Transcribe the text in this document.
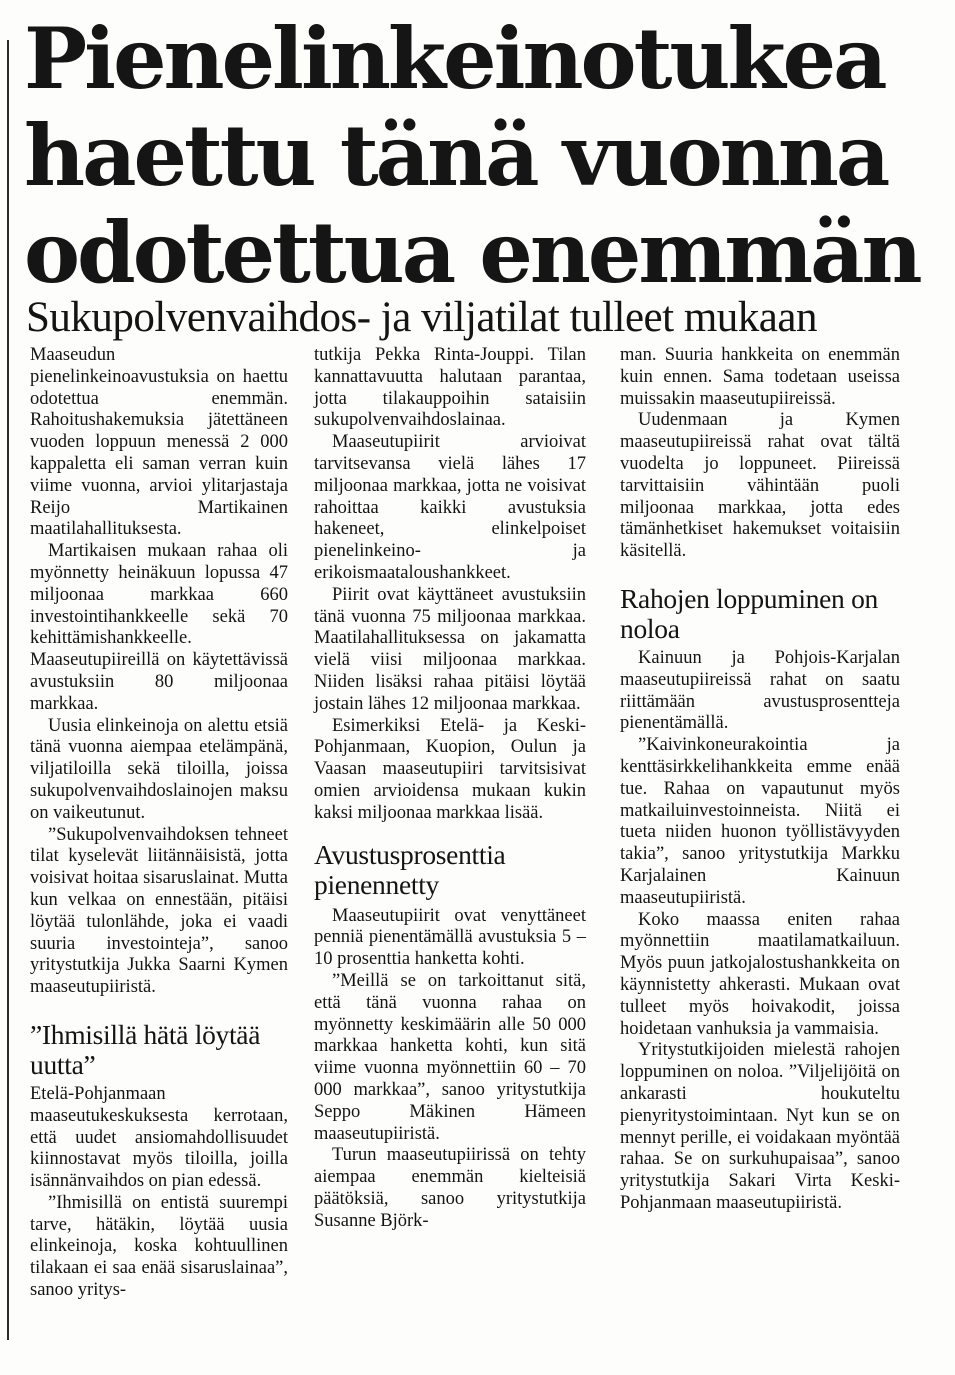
Pienelinkeinotukea
haettu tänä vuonna
odotettua enemmän
Sukupolvenvaihdos- ja viljatilat tulleet mukaan

Maaseudun pienelinkeinoavustuksia on haettu odotettua enemmän. Rahoitushakemuksia jätettäneen vuoden loppuun menessä 2 000 kappaletta eli saman verran kuin viime vuonna, arvioi ylitarjastaja Reijo Martikainen maatilahallituksesta.

Martikaisen mukaan rahaa oli myönnetty heinäkuun lopussa 47 miljoonaa markkaa 660 investointihankkeelle sekä 70 kehittämishankkeelle. Maaseutupiireillä on käytettävissä avustuksiin 80 miljoonaa markkaa.

Uusia elinkeinoja on alettu etsiä tänä vuonna aiempaa etelämpänä, viljatiloilla sekä tiloilla, joissa sukupolvenvaihdoslainojen maksu on vaikeutunut.

”Sukupolvenvaihdoksen tehneet tilat kyselevät liitännäisistä, jotta voisivat hoitaa sisaruslainat. Mutta kun velkaa on ennestään, pitäisi löytää tulonlähde, joka ei vaadi suuria investointeja”, sanoo yritystutkija Jukka Saarni Kymen maaseutupiiristä.

”Ihmisillä hätä löytää uutta”

Etelä-Pohjanmaan maaseutukeskuksesta kerrotaan, että uudet ansiomahdollisuudet kiinnostavat myös tiloilla, joilla isännänvaihdos on pian edessä.

”Ihmisillä on entistä suurempi tarve, hätäkin, löytää uusia elinkeinoja, koska kohtuullinen tilakaan ei saa enää sisaruslainaa”, sanoo yritys-

tutkija Pekka Rinta-Jouppi. Tilan kannattavuutta halutaan parantaa, jotta tilakauppoihin sataisiin sukupolvenvaihdoslainaa.

Maaseutupiirit arvioivat tarvitsevansa vielä lähes 17 miljoonaa markkaa, jotta ne voisivat rahoittaa kaikki avustuksia hakeneet, elinkelpoiset pienelinkeino- ja erikoismaataloushankkeet.

Piirit ovat käyttäneet avustuksiin tänä vuonna 75 miljoonaa markkaa. Maatilahallituksessa on jakamatta vielä viisi miljoonaa markkaa. Niiden lisäksi rahaa pitäisi löytää jostain lähes 12 miljoonaa markkaa.

Esimerkiksi Etelä- ja Keski-Pohjanmaan, Kuopion, Oulun ja Vaasan maaseutupiiri tarvitsisivat omien arvioidensa mukaan kukin kaksi miljoonaa markkaa lisää.

Avustusprosenttia pienennetty

Maaseutupiirit ovat venyttäneet penniä pienentämällä avustuksia 5 – 10 prosenttia hanketta kohti.

”Meillä se on tarkoittanut sitä, että tänä vuonna rahaa on myönnetty keskimäärin alle 50 000 markkaa hanketta kohti, kun sitä viime vuonna myönnettiin 60 – 70 000 markkaa”, sanoo yritystutkija Seppo Mäkinen Hämeen maaseutupiiristä.

Turun maaseutupiirissä on tehty aiempaa enemmän kielteisiä päätöksiä, sanoo yritystutkija Susanne Björk-

man. Suuria hankkeita on enemmän kuin ennen. Sama todetaan useissa muissakin maaseutupiireissä.

Uudenmaan ja Kymen maaseutupiireissä rahat ovat tältä vuodelta jo loppuneet. Piireissä tarvittaisiin vähintään puoli miljoonaa markkaa, jotta edes tämänhetkiset hakemukset voitaisiin käsitellä.

Rahojen loppuminen on noloa

Kainuun ja Pohjois-Karjalan maaseutupiireissä rahat on saatu riittämään avustusprosentteja pienentämällä.

”Kaivinkoneurakointia ja kenttäsirkkelihankkeita emme enää tue. Rahaa on vapautunut myös matkailuinvestoinneista. Niitä ei tueta niiden huonon työllistävyyden takia”, sanoo yritystutkija Markku Karjalainen Kainuun maaseutupiiristä.

Koko maassa eniten rahaa myönnettiin maatilamatkailuun. Myös puun jatkojalostushankkeita on käynnistetty ahkerasti. Mukaan ovat tulleet myös hoivakodit, joissa hoidetaan vanhuksia ja vammaisia.

Yritystutkijoiden mielestä rahojen loppuminen on noloa. ”Viljelijöitä on ankarasti houkuteltu pienyritystoimintaan. Nyt kun se on mennyt perille, ei voidakaan myöntää rahaa. Se on surkuhupaisaa”, sanoo yritystutkija Sakari Virta Keski-Pohjanmaan maaseutupiiristä.
